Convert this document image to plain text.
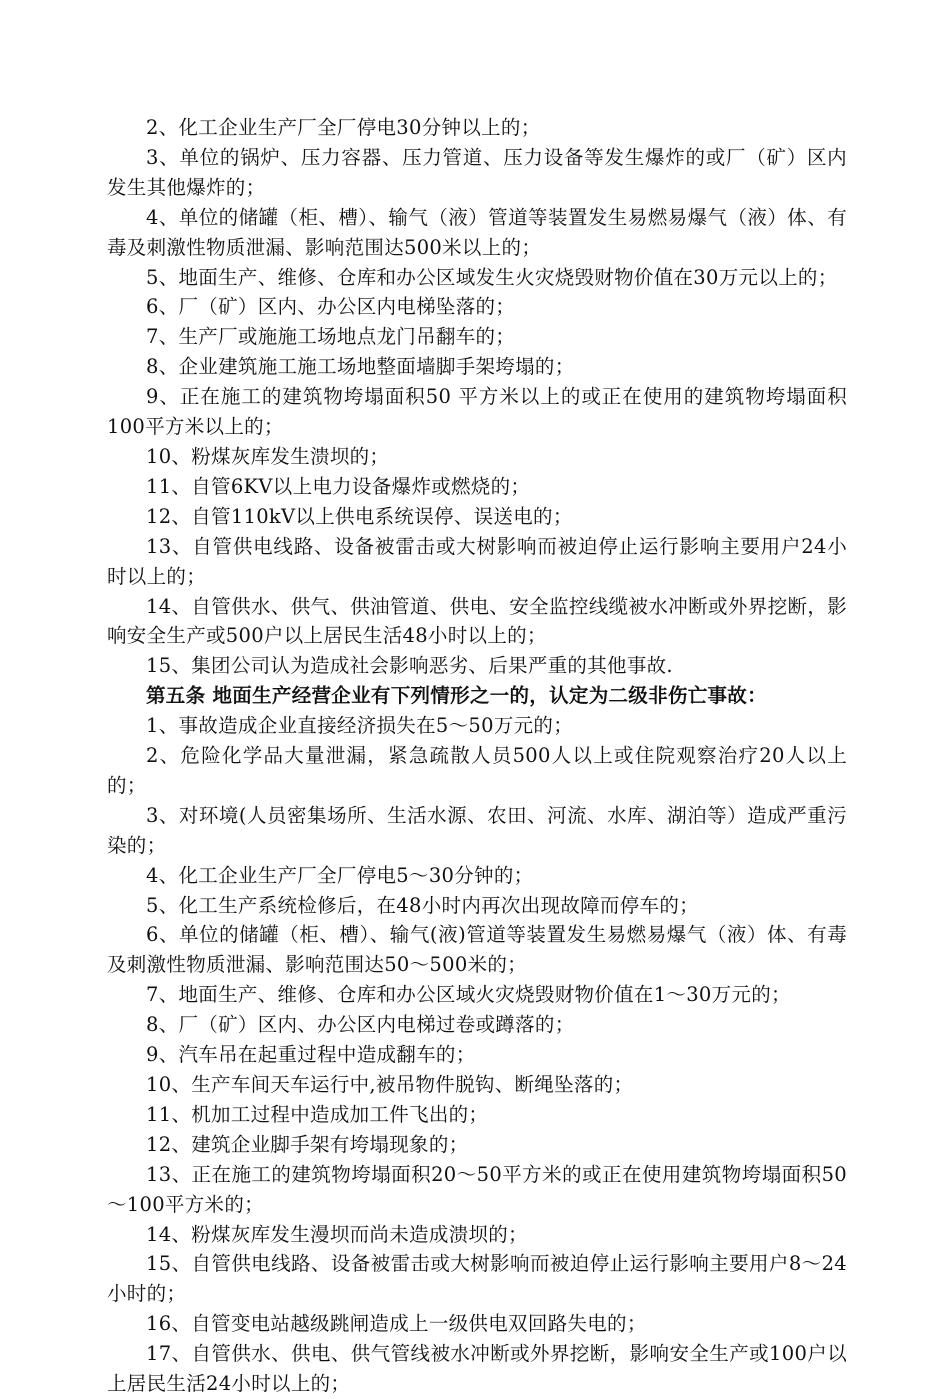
2、化工企业生产厂全厂停电30分钟以上的；

3、单位的锅炉、压力容器、压力管道、压力设备等发生爆炸的或厂（矿）区内发生其他爆炸的；

4、单位的储罐（柜、槽）、输气（液）管道等装置发生易燃易爆气（液）体、有毒及刺激性物质泄漏、影响范围达500米以上的；

5、地面生产、维修、仓库和办公区域发生火灾烧毁财物价值在30万元以上的；

6、厂（矿）区内、办公区内电梯坠落的；

7、生产厂或施施工场地点龙门吊翻车的；

8、企业建筑施工施工场地整面墙脚手架垮塌的；

9、正在施工的建筑物垮塌面积50 平方米以上的或正在使用的建筑物垮塌面积100平方米以上的；

10、粉煤灰库发生溃坝的；

11、自管6KV以上电力设备爆炸或燃烧的；

12、自管110kV以上供电系统误停、误送电的；

13、自管供电线路、设备被雷击或大树影响而被迫停止运行影响主要用户24小时以上的；

14、自管供水、供气、供油管道、供电、安全监控线缆被水冲断或外界挖断，影响安全生产或500户以上居民生活48小时以上的；

15、集团公司认为造成社会影响恶劣、后果严重的其他事故.

第五条 地面生产经营企业有下列情形之一的，认定为二级非伤亡事故：

1、事故造成企业直接经济损失在5～50万元的；

2、危险化学品大量泄漏，紧急疏散人员500人以上或住院观察治疗20人以上的；

3、对环境(人员密集场所、生活水源、农田、河流、水库、湖泊等）造成严重污染的；

4、化工企业生产厂全厂停电5～30分钟的；

5、化工生产系统检修后，在48小时内再次出现故障而停车的；

6、单位的储罐（柜、槽）、输气(液)管道等装置发生易燃易爆气（液）体、有毒及刺激性物质泄漏、影响范围达50～500米的；

7、地面生产、维修、仓库和办公区域火灾烧毁财物价值在1～30万元的；

8、厂（矿）区内、办公区内电梯过卷或蹲落的；

9、汽车吊在起重过程中造成翻车的；

10、生产车间天车运行中,被吊物件脱钩、断绳坠落的；

11、机加工过程中造成加工件飞出的；

12、建筑企业脚手架有垮塌现象的；

13、正在施工的建筑物垮塌面积20～50平方米的或正在使用建筑物垮塌面积50～100平方米的；

14、粉煤灰库发生漫坝而尚未造成溃坝的；

15、自管供电线路、设备被雷击或大树影响而被迫停止运行影响主要用户8～24小时的；

16、自管变电站越级跳闸造成上一级供电双回路失电的；

17、自管供水、供电、供气管线被水冲断或外界挖断，影响安全生产或100户以上居民生活24小时以上的；
